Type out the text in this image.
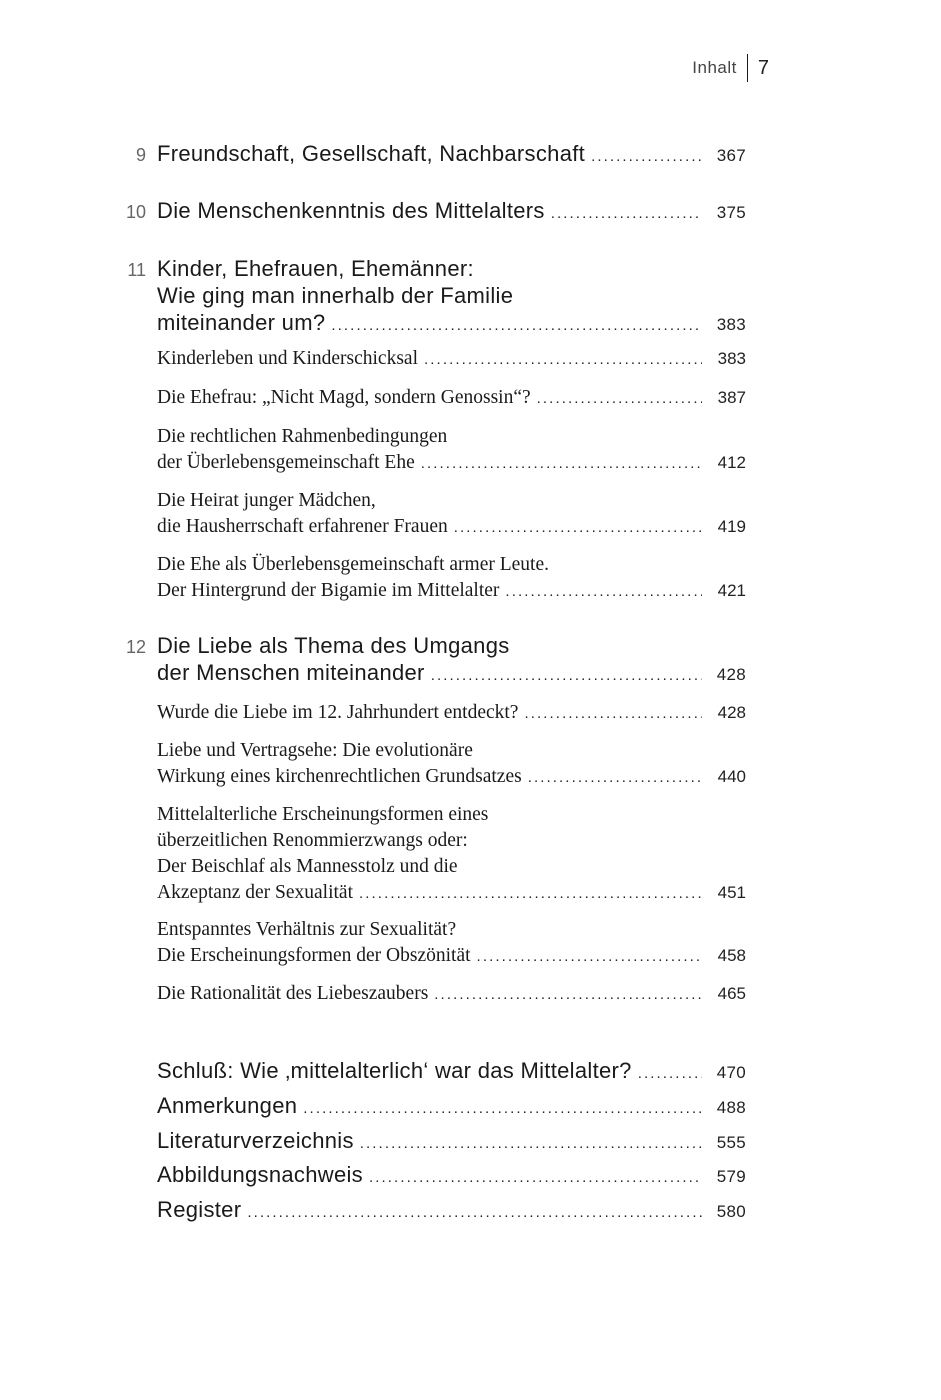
Inhalt	7
9 Freundschaft, Gesellschaft, Nachbarschaft .....	367
10 Die Menschenkenntnis des Mittelalters .....	375
11 Kinder, Ehefrauen, Ehemänner:
Wie ging man innerhalb der Familie
miteinander um? .....	383
Kinderleben und Kinderschicksal .....	383
Die Ehefrau: „Nicht Magd, sondern Genossin“? .....	387
Die rechtlichen Rahmenbedingungen
der Überlebensgemeinschaft Ehe .....	412
Die Heirat junger Mädchen,
die Hausherrschaft erfahrener Frauen .....	419
Die Ehe als Überlebensgemeinschaft armer Leute.
Der Hintergrund der Bigamie im Mittelalter .....	421
12 Die Liebe als Thema des Umgangs
der Menschen miteinander .....	428
Wurde die Liebe im 12. Jahrhundert entdeckt? .....	428
Liebe und Vertragsehe: Die evolutionäre
Wirkung eines kirchenrechtlichen Grundsatzes .....	440
Mittelalterliche Erscheinungsformen eines
überzeitlichen Renommierzwangs oder:
Der Beischlaf als Mannesstolz und die
Akzeptanz der Sexualität .....	451
Entspanntes Verhältnis zur Sexualität?
Die Erscheinungsformen der Obszönität .....	458
Die Rationalität des Liebeszaubers .....	465
Schluß: Wie ‚mittelalterlich‘ war das Mittelalter? .....	470
Anmerkungen .....	488
Literaturverzeichnis .....	555
Abbildungsnachweis .....	579
Register .....	580
